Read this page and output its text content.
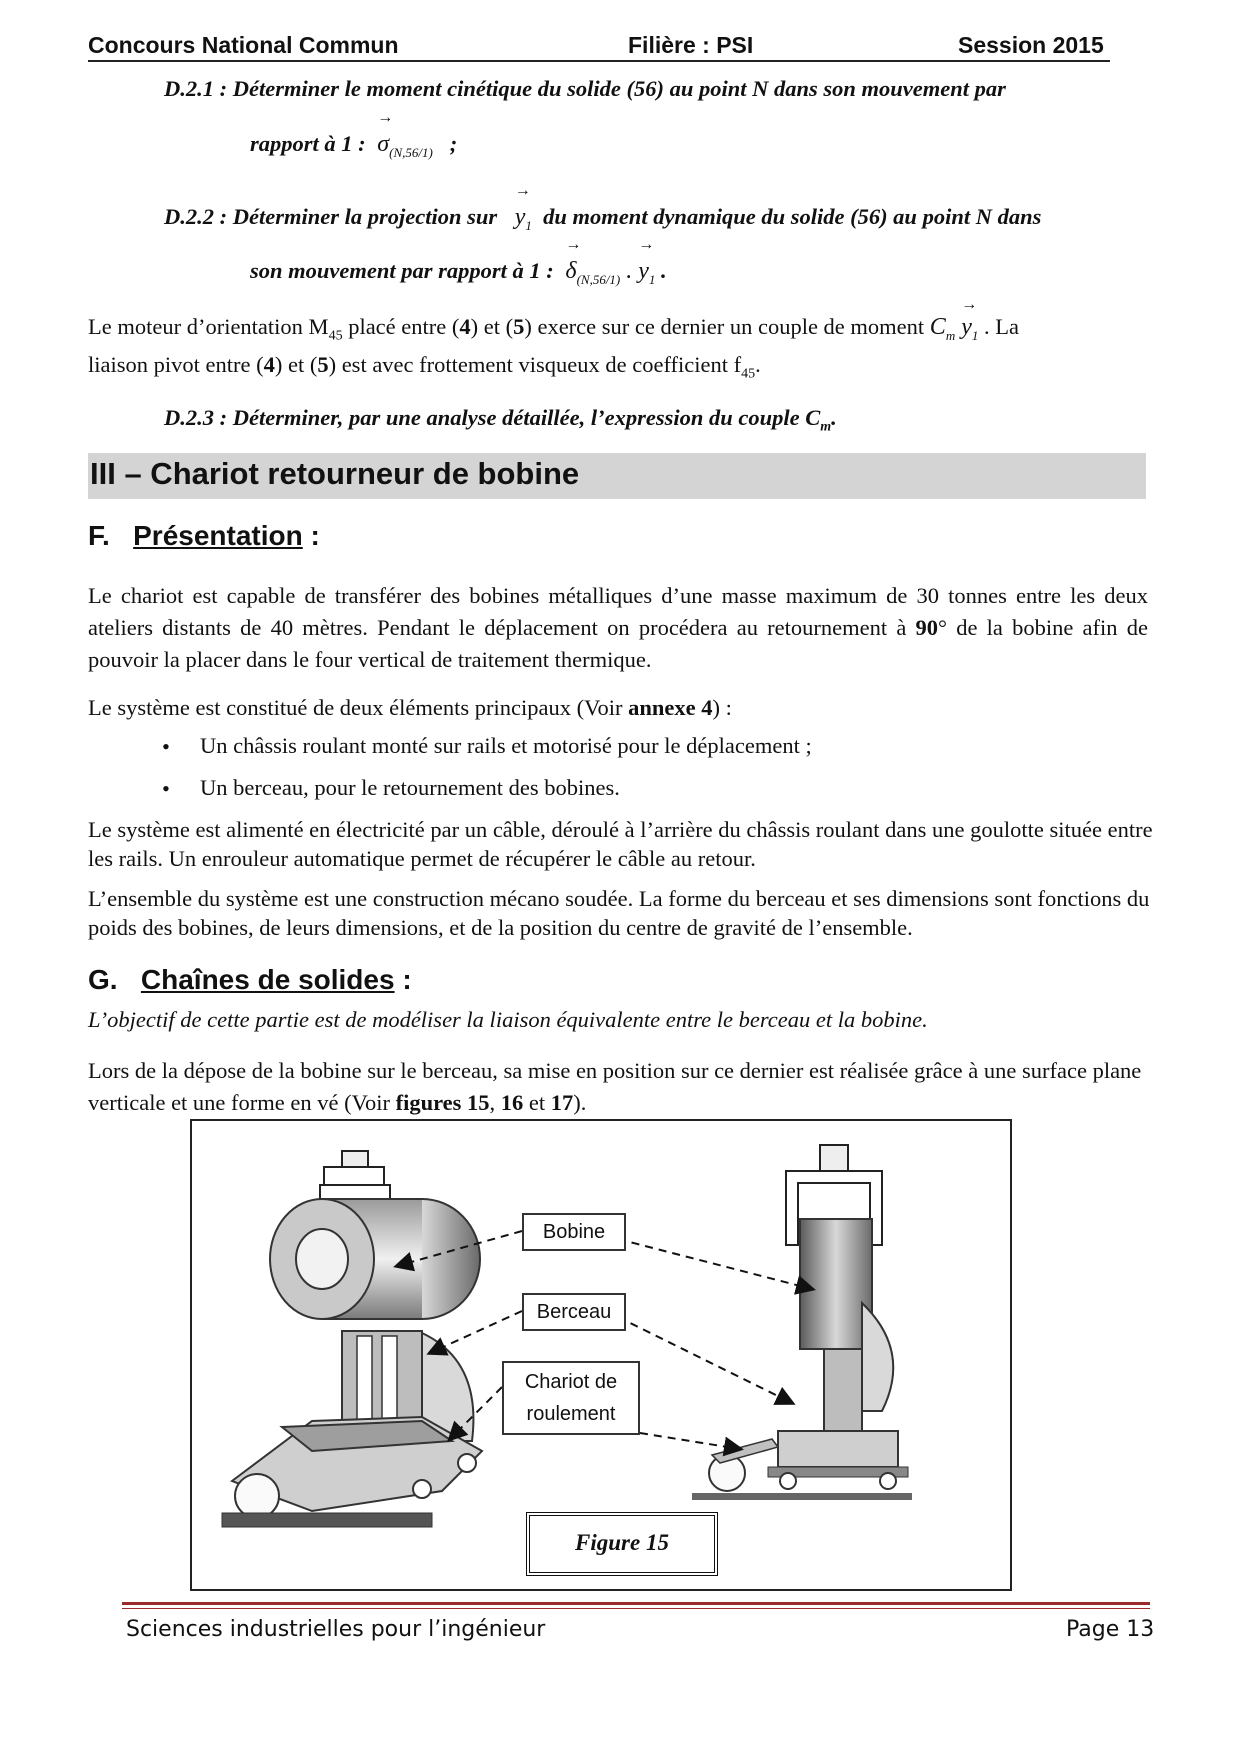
Concours National Commun	Filière : PSI	Session 2015
D.2.1 : Déterminer le moment cinétique du solide (56) au point N dans son mouvement par
rapport à 1 :
→
$\sigma_{(N,56/1)}$ ;
D.2.2 : Déterminer la projection sur
→
$y_1$ du moment dynamique du solide (56) au point N dans
son mouvement par rapport à 1 :
→
$\delta_{(N,56/1)}$ .
→
$y_1$ .
Le moteur d’orientation $M_{45}$ placé entre (4) et (5) exerce sur ce dernier un couple de moment $C_m$
→
$y_1$ . La
liaison pivot entre (4) et (5) est avec frottement visqueux de coefficient $f_{45}$.
D.2.3 : Déterminer, par une analyse détaillée, l’expression du couple $C_m$.
III – Chariot retourneur de bobine
F. Présentation :
Le chariot est capable de transférer des bobines métalliques d’une masse maximum de 30 tonnes entre les deux ateliers distants de 40 mètres. Pendant le déplacement on procédera au retournement à 90° de la bobine afin de pouvoir la placer dans le four vertical de traitement thermique.
Le système est constitué de deux éléments principaux (Voir annexe 4) :
• Un châssis roulant monté sur rails et motorisé pour le déplacement ;
• Un berceau, pour le retournement des bobines.
Le système est alimenté en électricité par un câble, déroulé à l’arrière du châssis roulant dans une goulotte située entre les rails. Un enrouleur automatique permet de récupérer le câble au retour.
L’ensemble du système est une construction mécano soudée. La forme du berceau et ses dimensions sont fonctions du poids des bobines, de leurs dimensions, et de la position du centre de gravité de l’ensemble.
G. Chaînes de solides :
L’objectif de cette partie est de modéliser la liaison équivalente entre le berceau et la bobine.
Lors de la dépose de la bobine sur le berceau, sa mise en position sur ce dernier est réalisée grâce à une surface plane verticale et une forme en vé (Voir figures 15, 16 et 17).
Bobine
Berceau
Chariot de
roulement
Figure 15
Sciences industrielles pour l’ingénieur	Page 13
